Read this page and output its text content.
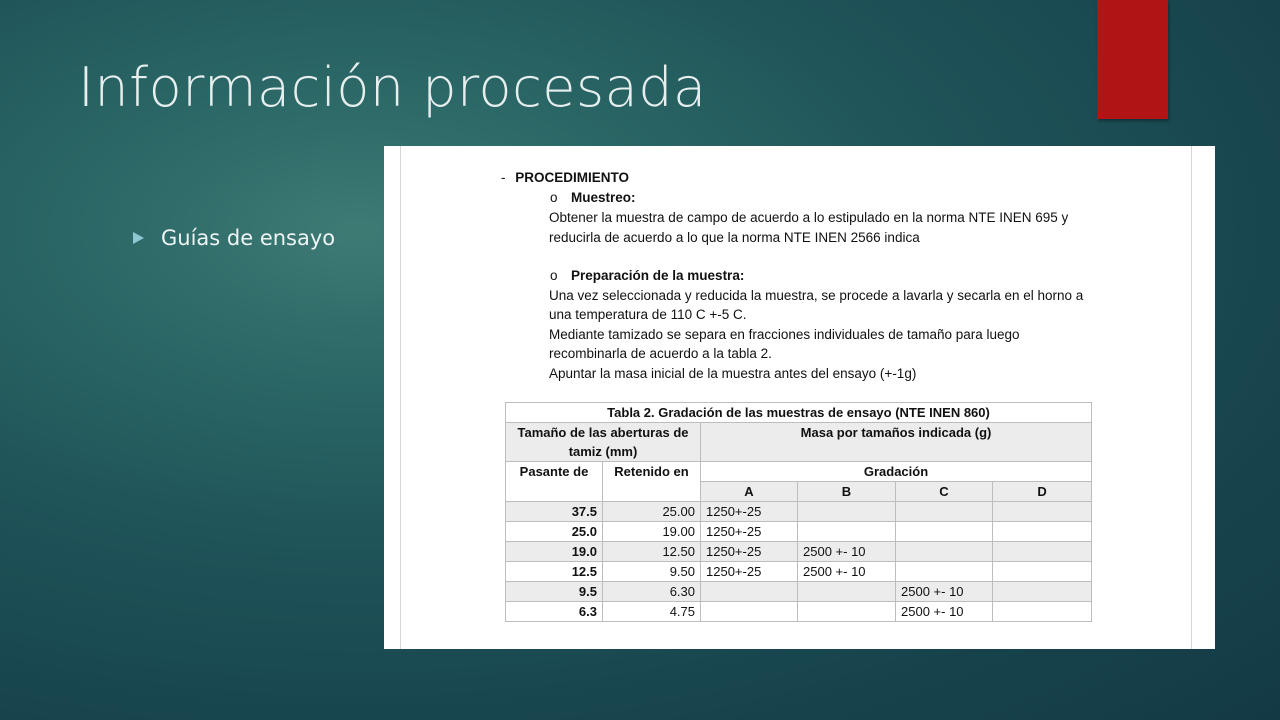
Información procesada
Guías de ensayo
- PROCEDIMIENTO
o Muestreo:
Obtener la muestra de campo de acuerdo a lo estipulado en la norma NTE INEN 695 y
reducirla de acuerdo a lo que la norma NTE INEN 2566 indica
o Preparación de la muestra:
Una vez seleccionada y reducida la muestra, se procede a lavarla y secarla en el horno a
una temperatura de 110 C +-5 C.
Mediante tamizado se separa en fracciones individuales de tamaño para luego
recombinarla de acuerdo a la tabla 2.
Apuntar la masa inicial de la muestra antes del ensayo (+-1g)
Tabla 2. Gradación de las muestras de ensayo (NTE INEN 860)					
Tamaño de las aberturas de tamiz (mm)		Masa por tamaños indicada (g)			
Pasante de	Retenido en	Gradación			
		A	B	C	D
37.5	25.00	1250+-25			
25.0	19.00	1250+-25			
19.0	12.50	1250+-25	2500 +- 10		
12.5	9.50	1250+-25	2500 +- 10		
9.5	6.30			2500 +- 10	
6.3	4.75			2500 +- 10	
